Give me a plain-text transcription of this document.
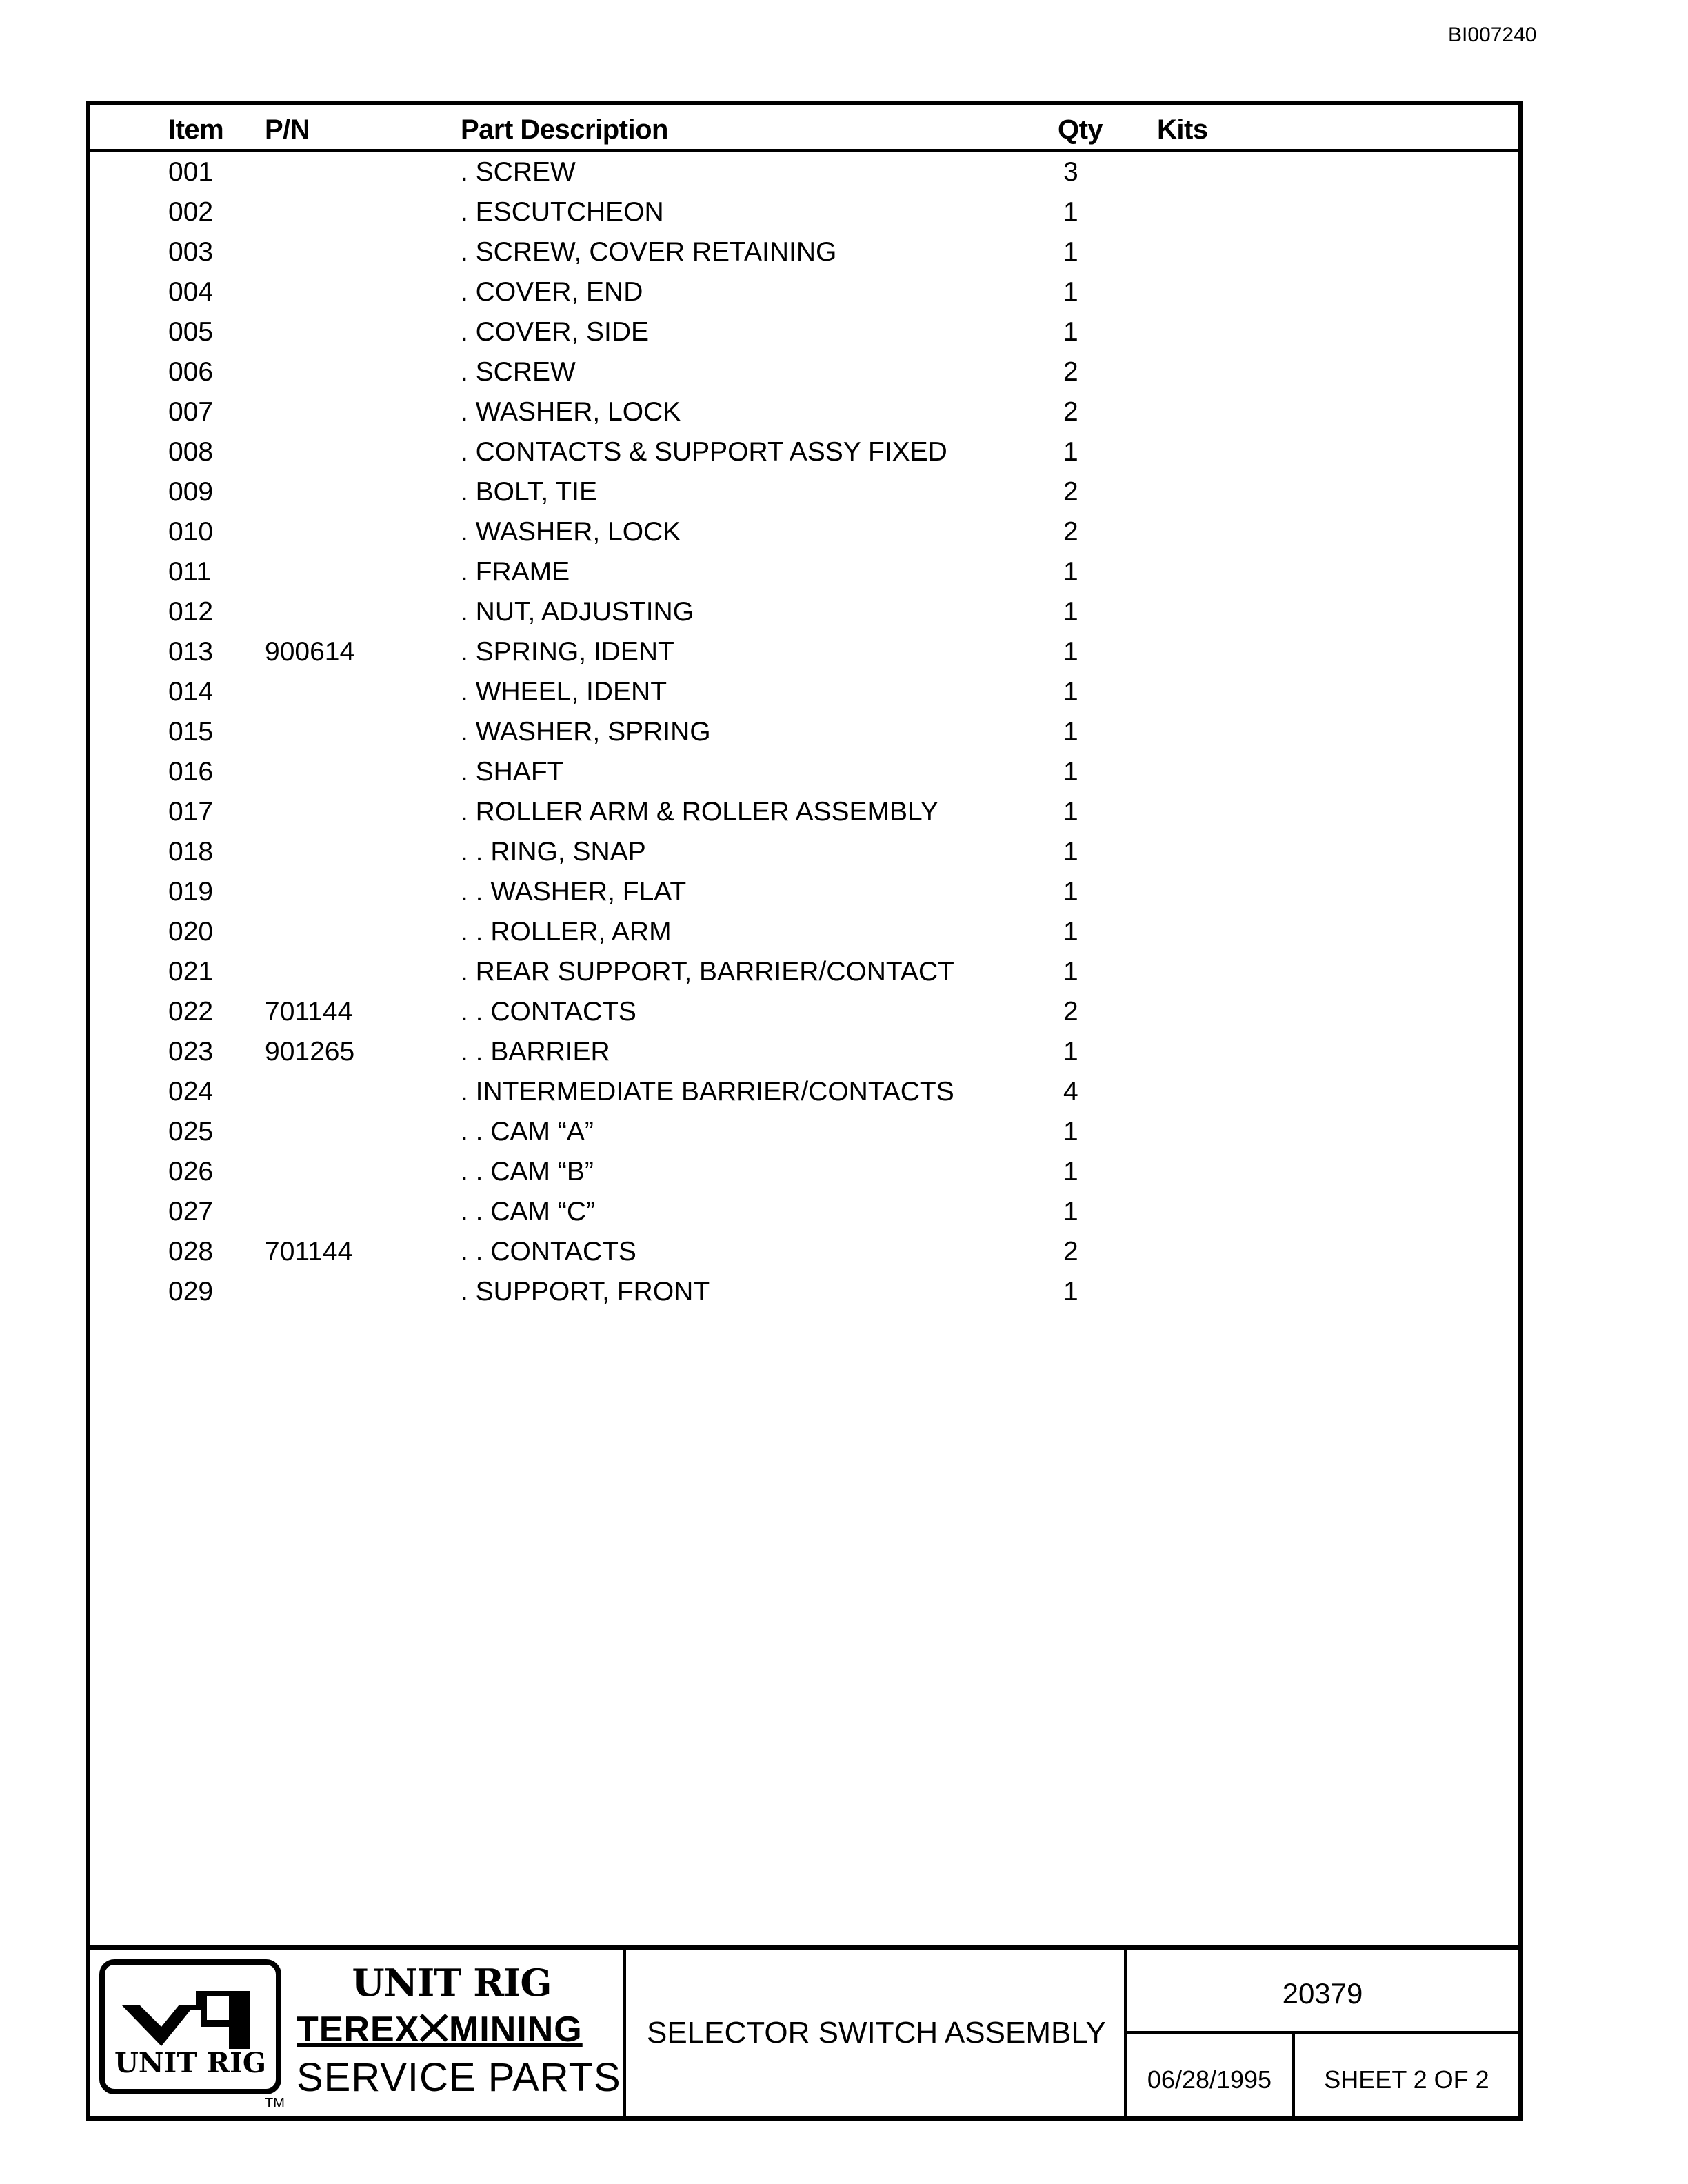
BI007240
Item P/N	Part Description	Qty Kits
001	. SCREW	3
002	. ESCUTCHEON	1
003	. SCREW, COVER RETAINING	1
004	. COVER, END	1
005	. COVER, SIDE	1
006	. SCREW	2
007	. WASHER, LOCK	2
008	. CONTACTS & SUPPORT ASSY FIXED	1
009	. BOLT, TIE	2
010	. WASHER, LOCK	2
011	. FRAME	1
012	. NUT, ADJUSTING	1
013 900614	. SPRING, IDENT	1
014	. WHEEL, IDENT	1
015	. WASHER, SPRING	1
016	. SHAFT	1
017	. ROLLER ARM & ROLLER ASSEMBLY	1
018	. . RING, SNAP	1
019	. . WASHER, FLAT	1
020	. . ROLLER, ARM	1
021	. REAR SUPPORT, BARRIER/CONTACT	1
022 701144	. . CONTACTS	2
023 901265	. . BARRIER	1
024	. INTERMEDIATE BARRIER/CONTACTS	4
025	. . CAM “A”	1
026	. . CAM “B”	1
027	. . CAM “C”	1
028 701144	. . CONTACTS	2
029	. SUPPORT, FRONT	1
UNIT RIG
TM
UNIT RIG
TEREX⨉MINING
SERVICE PARTS
SELECTOR SWITCH ASSEMBLY
20379
06/28/1995	SHEET 2 OF 2
